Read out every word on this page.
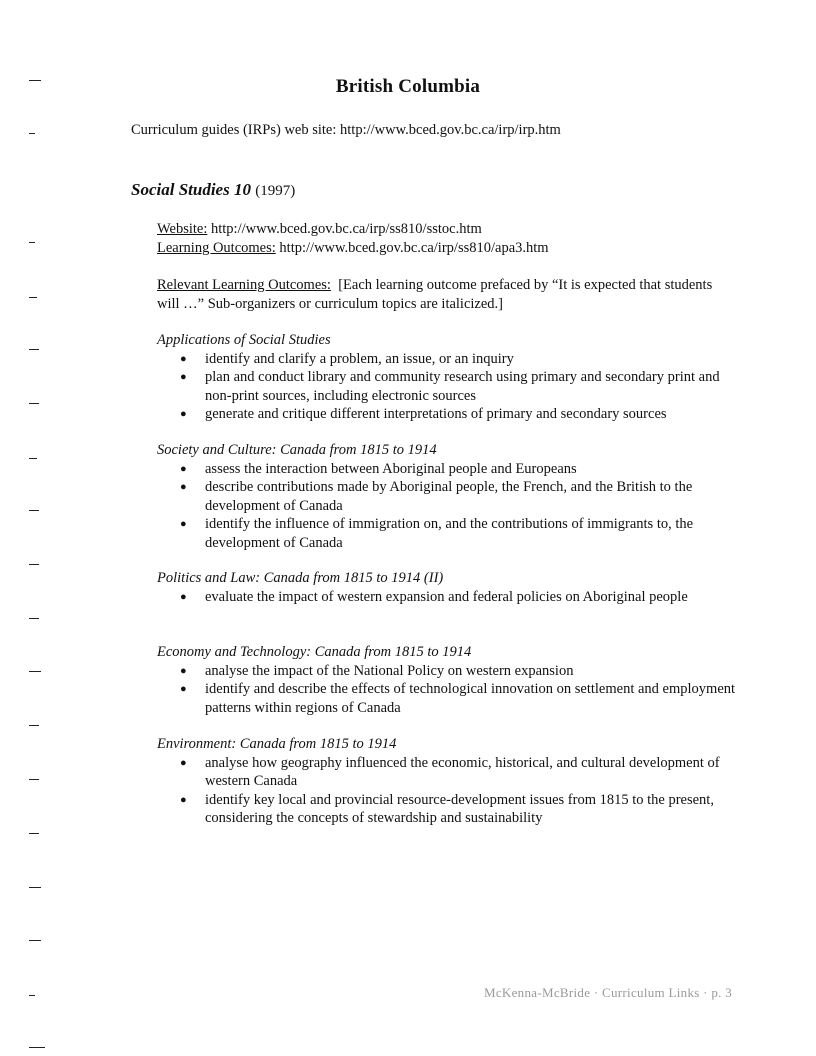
British Columbia
Curriculum guides (IRPs) web site: http://www.bced.gov.bc.ca/irp/irp.htm
Social Studies 10 (1997)
Website: http://www.bced.gov.bc.ca/irp/ss810/sstoc.htm
Learning Outcomes: http://www.bced.gov.bc.ca/irp/ss810/apa3.htm
Relevant Learning Outcomes: [Each learning outcome prefaced by “It is expected that students will …” Sub-organizers or curriculum topics are italicized.]
Applications of Social Studies
● identify and clarify a problem, an issue, or an inquiry
● plan and conduct library and community research using primary and secondary print and non-print sources, including electronic sources
● generate and critique different interpretations of primary and secondary sources
Society and Culture: Canada from 1815 to 1914
● assess the interaction between Aboriginal people and Europeans
● describe contributions made by Aboriginal people, the French, and the British to the development of Canada
● identify the influence of immigration on, and the contributions of immigrants to, the development of Canada
Politics and Law: Canada from 1815 to 1914 (II)
● evaluate the impact of western expansion and federal policies on Aboriginal people
Economy and Technology: Canada from 1815 to 1914
● analyse the impact of the National Policy on western expansion
● identify and describe the effects of technological innovation on settlement and employment patterns within regions of Canada
Environment: Canada from 1815 to 1914
● analyse how geography influenced the economic, historical, and cultural development of western Canada
● identify key local and provincial resource-development issues from 1815 to the present, considering the concepts of stewardship and sustainability
McKenna-McBride · Curriculum Links · p. 3
